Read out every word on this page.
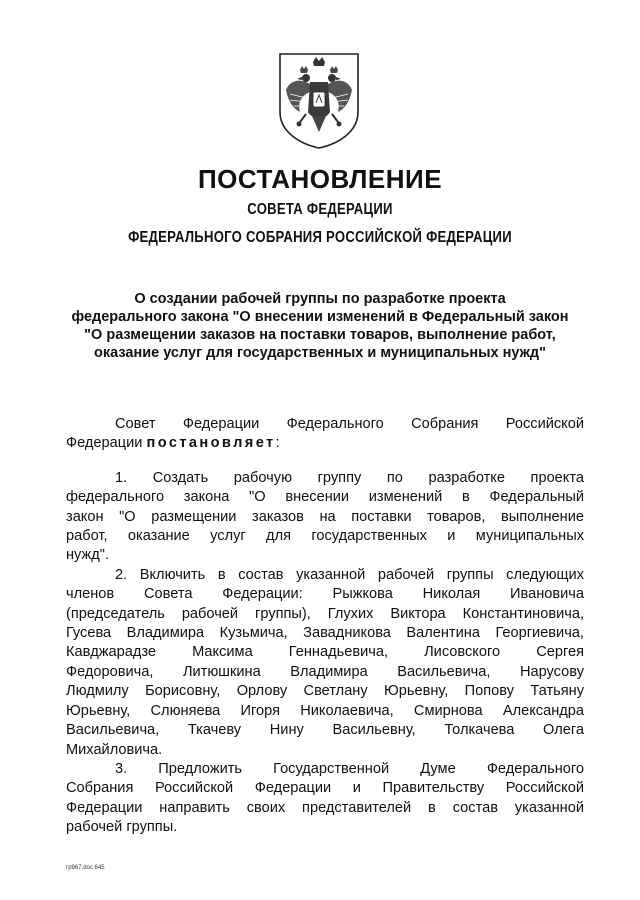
ПОСТАНОВЛЕНИЕ
СОВЕТА ФЕДЕРАЦИИ
ФЕДЕРАЛЬНОГО СОБРАНИЯ РОССИЙСКОЙ ФЕДЕРАЦИИ
О создании рабочей группы по разработке проекта
федерального закона "О внесении изменений в Федеральный закон
"О размещении заказов на поставки товаров, выполнение работ,
оказание услуг для государственных и муниципальных нужд"
Совет Федерации Федерального Собрания Российской
Федерации постановляет:
1. Создать рабочую группу по разработке проекта
федерального закона "О внесении изменений в Федеральный
закон "О размещении заказов на поставки товаров, выполнение
работ, оказание услуг для государственных и муниципальных
нужд".
2. Включить в состав указанной рабочей группы следующих
членов Совета Федерации: Рыжкова Николая Ивановича
(председатель рабочей группы), Глухих Виктора Константиновича,
Гусева Владимира Кузьмича, Завадникова Валентина Георгиевича,
Кавджарадзе Максима Геннадьевича, Лисовского Сергея
Федоровича, Литюшкина Владимира Васильевича, Нарусову
Людмилу Борисовну, Орлову Светлану Юрьевну, Попову Татьяну
Юрьевну, Слюняева Игоря Николаевича, Смирнова Александра
Васильевича, Ткачеву Нину Васильевну, Толкачева Олега
Михайловича.
3. Предложить Государственной Думе Федерального
Собрания Российской Федерации и Правительству Российской
Федерации направить своих представителей в состав указанной
рабочей группы.
гр967.doc 645
